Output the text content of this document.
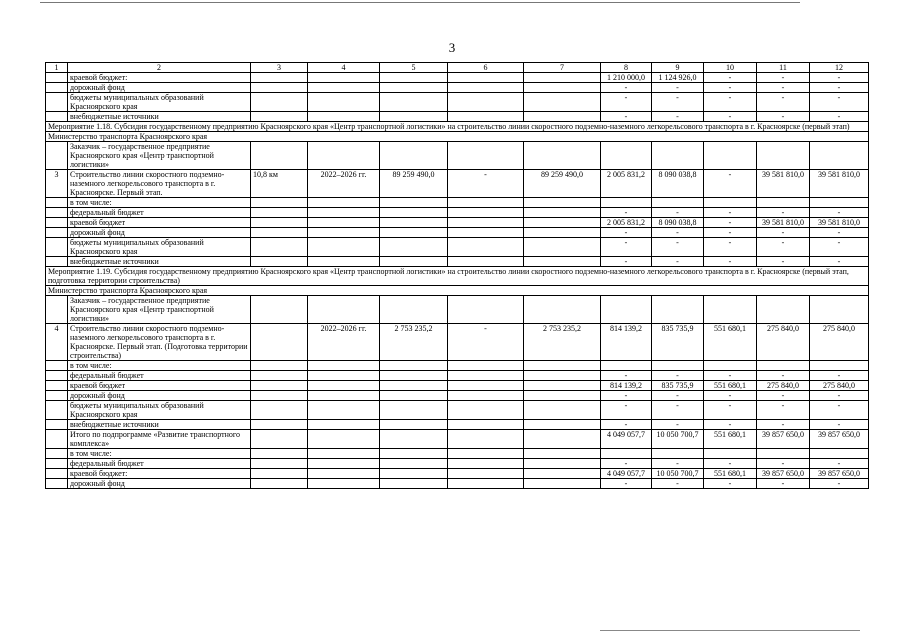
3
1	2	3	4	5	6	7	8	9	10	11	12
	краевой бюджет:						1 210 000,0	1 124 926,0	-	-	-
	дорожный фонд						-	-	-	-	-
	бюджеты муниципальных образований Красноярского края						-	-	-	-	-
	внебюджетные источники						-	-	-	-	-
Мероприятие 1.18. Субсидия государственному предприятию Красноярского края «Центр транспортной логистики» на строительство линии скоростного подземно-наземного легкорельсового транспорта в г. Красноярске (первый этап)											
Министерство транспорта Красноярского края											
	Заказчик – государственное предприятие Красноярского края «Центр транспортной логистики»										
3	Строительство линии скоростного подземно-наземного легкорельсового транспорта в г. Красноярске. Первый этап.	10,8 км	2022–2026 гг.	89 259 490,0	-	89 259 490,0	2 005 831,2	8 090 038,8	-	39 581 810,0	39 581 810,0
	в том числе:										
	федеральный бюджет						-	-	-	-	-
	краевой бюджет						2 005 831,2	8 090 038,8	-	39 581 810,0	39 581 810,0
	дорожный фонд						-	-	-	-	-
	бюджеты муниципальных образований Красноярского края						-	-	-	-	-
	внебюджетные источники						-	-	-	-	-
Мероприятие 1.19. Субсидия государственному предприятию Красноярского края «Центр транспортной логистики» на строительство линии скоростного подземно-наземного легкорельсового транспорта в г. Красноярске (первый этап, подготовка территории строительства)											
Министерство транспорта Красноярского края											
	Заказчик – государственное предприятие Красноярского края «Центр транспортной логистики»										
4	Строительство линии скоростного подземно-наземного легкорельсового транспорта в г. Красноярске. Первый этап. (Подготовка территории строительства)		2022–2026 гг.	2 753 235,2	-	2 753 235,2	814 139,2	835 735,9	551 680,1	275 840,0	275 840,0
	в том числе:										
	федеральный бюджет						-	-	-	-	-
	краевой бюджет						814 139,2	835 735,9	551 680,1	275 840,0	275 840,0
	дорожный фонд						-	-	-	-	-
	бюджеты муниципальных образований Красноярского края						-	-	-	-	-
	внебюджетные источники						-	-	-	-	-
	Итого по подпрограмме «Развитие транспортного комплекса»						4 049 057,7	10 050 700,7	551 680,1	39 857 650,0	39 857 650,0
	в том числе:										
	федеральный бюджет						-	-	-	-	-
	краевой бюджет:						4 049 057,7	10 050 700,7	551 680,1	39 857 650,0	39 857 650,0
	дорожный фонд						-	-	-	-	-
